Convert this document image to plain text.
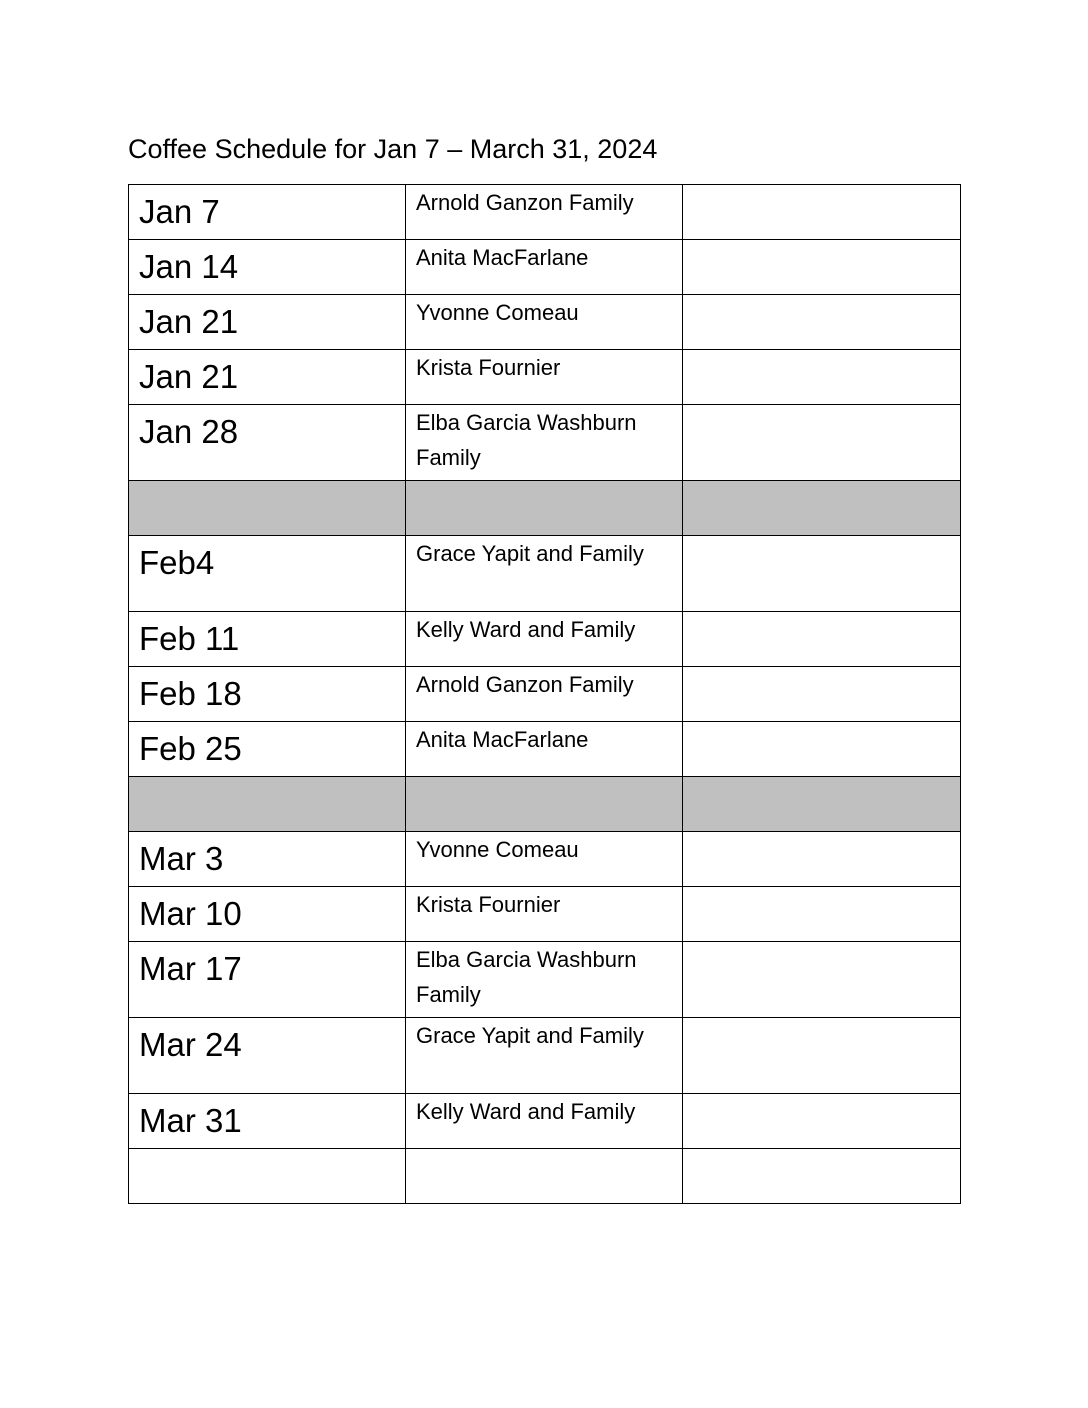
Coffee Schedule for Jan 7 – March 31, 2024
Jan 7	Arnold Ganzon Family	
Jan 14	Anita MacFarlane	
Jan 21	Yvonne Comeau	
Jan 21	Krista Fournier	
Jan 28	Elba Garcia Washburn Family	

Feb4	Grace Yapit and Family	
Feb 11	Kelly Ward and Family	
Feb 18	Arnold Ganzon Family	
Feb 25	Anita MacFarlane	

Mar 3	Yvonne Comeau	
Mar 10	Krista Fournier	
Mar 17	Elba Garcia Washburn Family	
Mar 24	Grace Yapit and Family	
Mar 31	Kelly Ward and Family	
